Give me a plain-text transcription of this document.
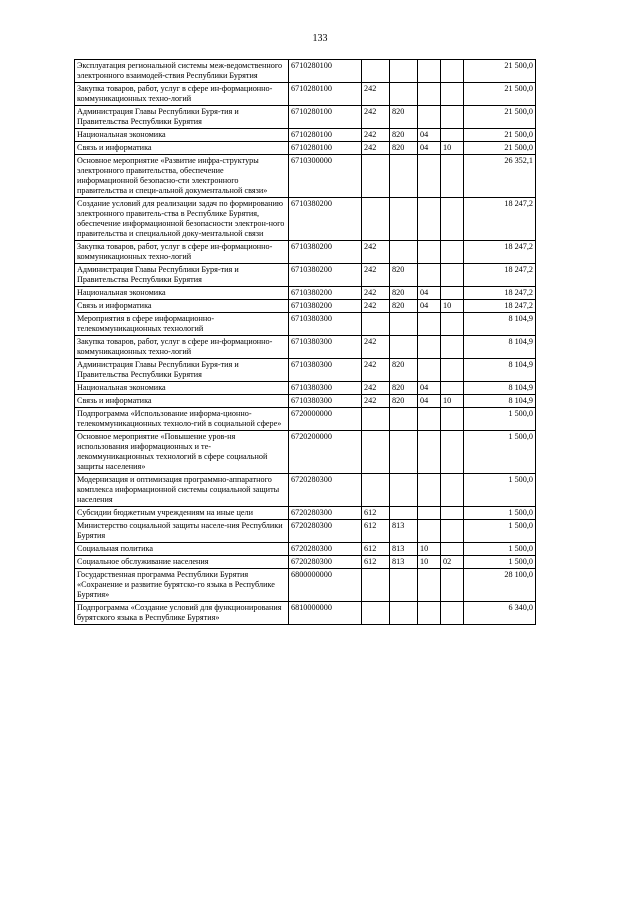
133
Эксплуатация региональной системы меж-ведомственного электронного взаимодей-ствия Республики Бурятия	6710280100					21 500,0
Закупка товаров, работ, услуг в сфере ин-формационно-коммуникационных техно-логий	6710280100	242				21 500,0
Администрация Главы Республики Буря-тия и Правительства Республики Бурятия	6710280100	242	820			21 500,0
Национальная экономика	6710280100	242	820	04		21 500,0
Связь и информатика	6710280100	242	820	04	10	21 500,0
Основное мероприятие «Развитие инфра-структуры электронного правительства, обеспечение информационной безопасно-сти электронного правительства и специ-альной документальной связи»	6710300000					26 352,1
Создание условий для реализации задач по формированию электронного правитель-ства в Республике Бурятия, обеспечение информационной безопасности электрон-ного правительства и специальной доку-ментальной связи	6710380200					18 247,2
Закупка товаров, работ, услуг в сфере ин-формационно-коммуникационных техно-логий	6710380200	242				18 247,2
Администрация Главы Республики Буря-тия и Правительства Республики Бурятия	6710380200	242	820			18 247,2
Национальная экономика	6710380200	242	820	04		18 247,2
Связь и информатика	6710380200	242	820	04	10	18 247,2
Мероприятия в сфере информационно-телекоммуникационных технологий	6710380300					8 104,9
Закупка товаров, работ, услуг в сфере ин-формационно-коммуникационных техно-логий	6710380300	242				8 104,9
Администрация Главы Республики Буря-тия и Правительства Республики Бурятия	6710380300	242	820			8 104,9
Национальная экономика	6710380300	242	820	04		8 104,9
Связь и информатика	6710380300	242	820	04	10	8 104,9
Подпрограмма «Использование информа-ционно-телекоммуникационных техноло-гий в социальной сфере»	6720000000					1 500,0
Основное мероприятие «Повышение уров-ня использования информационных и те-лекоммуникационных технологий в сфере социальной защиты населения»	6720200000					1 500,0
Модернизация и оптимизация программно-аппаратного комплекса информационной системы социальной защиты населения	6720280300					1 500,0
Субсидии бюджетным учреждениям на иные цели	6720280300	612				1 500,0
Министерство социальной защиты населе-ния Республики Бурятия	6720280300	612	813			1 500,0
Социальная политика	6720280300	612	813	10		1 500,0
Социальное обслуживание населения	6720280300	612	813	10	02	1 500,0
Государственная программа Республики Бурятия «Сохранение и развитие бурятско-го языка в Республике Бурятия»	6800000000					28 100,0
Подпрограмма «Создание условий для функционирования бурятского языка в Республике Бурятия»	6810000000					6 340,0
